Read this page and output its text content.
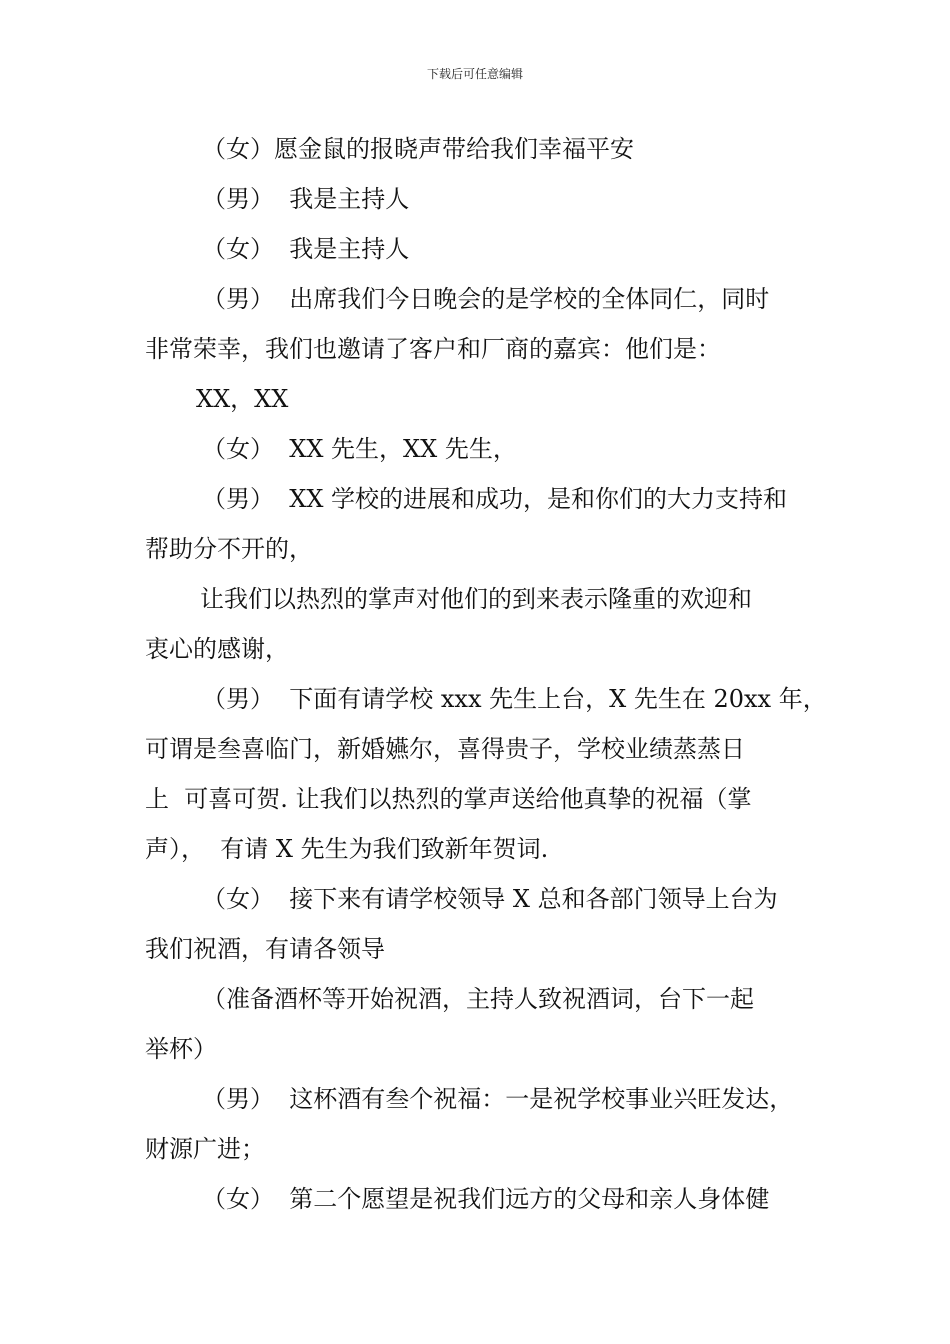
下载后可任意编辑
（女）愿金鼠的报晓声带给我们幸福平安
（男）  我是主持人
（女）  我是主持人
（男）  出席我们今日晚会的是学校的全体同仁，同时
非常荣幸，我们也邀请了客户和厂商的嘉宾：他们是：
XX，XX
（女）  XX 先生，XX 先生，
（男）  XX 学校的进展和成功，是和你们的大力支持和
帮助分不开的，
让我们以热烈的掌声对他们的到来表示隆重的欢迎和
衷心的感谢，
（男）  下面有请学校 xxx 先生上台，X 先生在 20xx 年，
可谓是叁喜临门，新婚嬿尔，喜得贵子，学校业绩蒸蒸日
上  可喜可贺. 让我们以热烈的掌声送给他真挚的祝福（掌
声），  有请 X 先生为我们致新年贺词.
（女）  接下来有请学校领导 X 总和各部门领导上台为
我们祝酒，有请各领导
（准备酒杯等开始祝酒，主持人致祝酒词，台下一起
举杯）
（男）  这杯酒有叁个祝福：一是祝学校事业兴旺发达，
财源广进；
（女）  第二个愿望是祝我们远方的父母和亲人身体健
